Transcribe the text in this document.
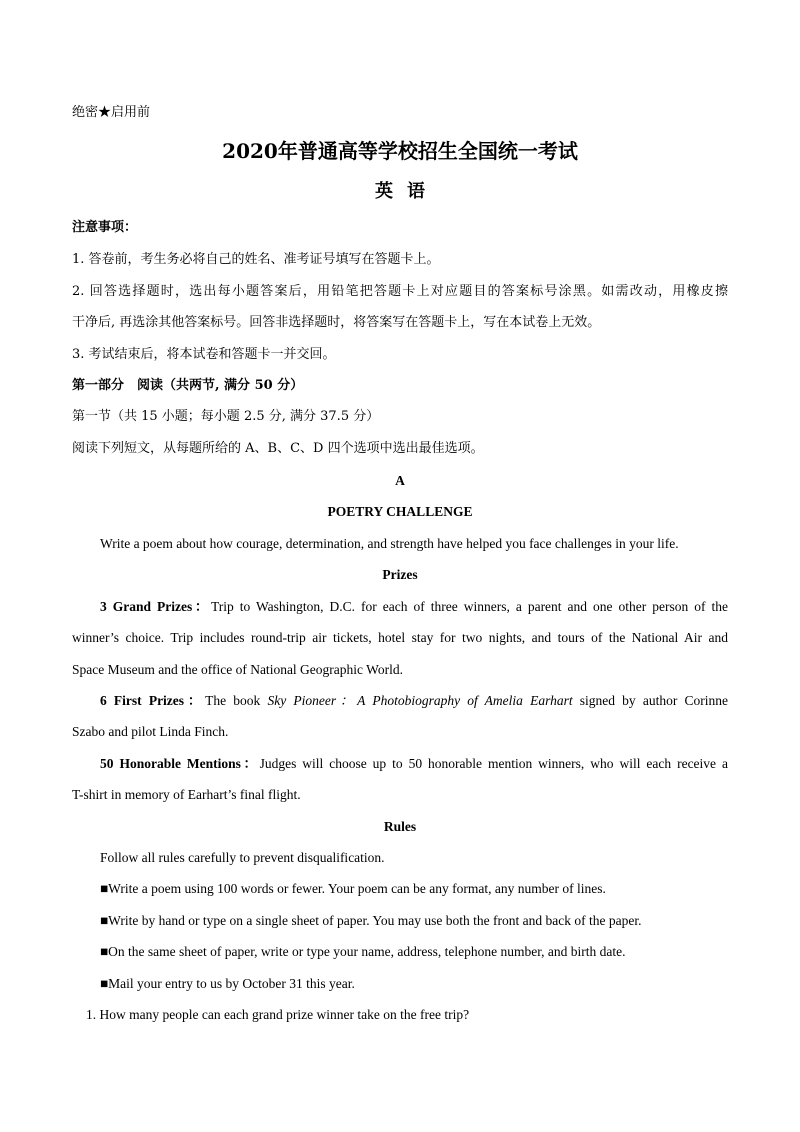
绝密★启用前
2020年普通高等学校招生全国统一考试
英语
注意事项：
1. 答卷前，考生务必将自己的姓名、准考证号填写在答题卡上。
2. 回答选择题时，选出每小题答案后，用铅笔把答题卡上对应题目的答案标号涂黑。如需改动，用橡皮擦
干净后, 再选涂其他答案标号。回答非选择题时，将答案写在答题卡上，写在本试卷上无效。
3. 考试结束后，将本试卷和答题卡一并交回。
第一部分　阅读（共两节, 满分 50 分）
第一节（共 15 小题；每小题 2.5 分, 满分 37.5 分）
阅读下列短文，从每题所给的 A、B、C、D 四个选项中选出最佳选项。
A
POETRY CHALLENGE
Write a poem about how courage, determination, and strength have helped you face challenges in your life.
Prizes
3 Grand Prizes：Trip to Washington, D.C. for each of three winners, a parent and one other person of the
winner’s choice. Trip includes round-trip air tickets, hotel stay for two nights, and tours of the National Air and
Space Museum and the office of National Geographic World.
6 First Prizes：The book Sky Pioneer：A Photobiography of Amelia Earhart signed by author Corinne
Szabo and pilot Linda Finch.
50 Honorable Mentions：Judges will choose up to 50 honorable mention winners, who will each receive a
T-shirt in memory of Earhart’s final flight.
Rules
Follow all rules carefully to prevent disqualification.
■Write a poem using 100 words or fewer. Your poem can be any format, any number of lines.
■Write by hand or type on a single sheet of paper. You may use both the front and back of the paper.
■On the same sheet of paper, write or type your name, address, telephone number, and birth date.
■Mail your entry to us by October 31 this year.
1. How many people can each grand prize winner take on the free trip?
